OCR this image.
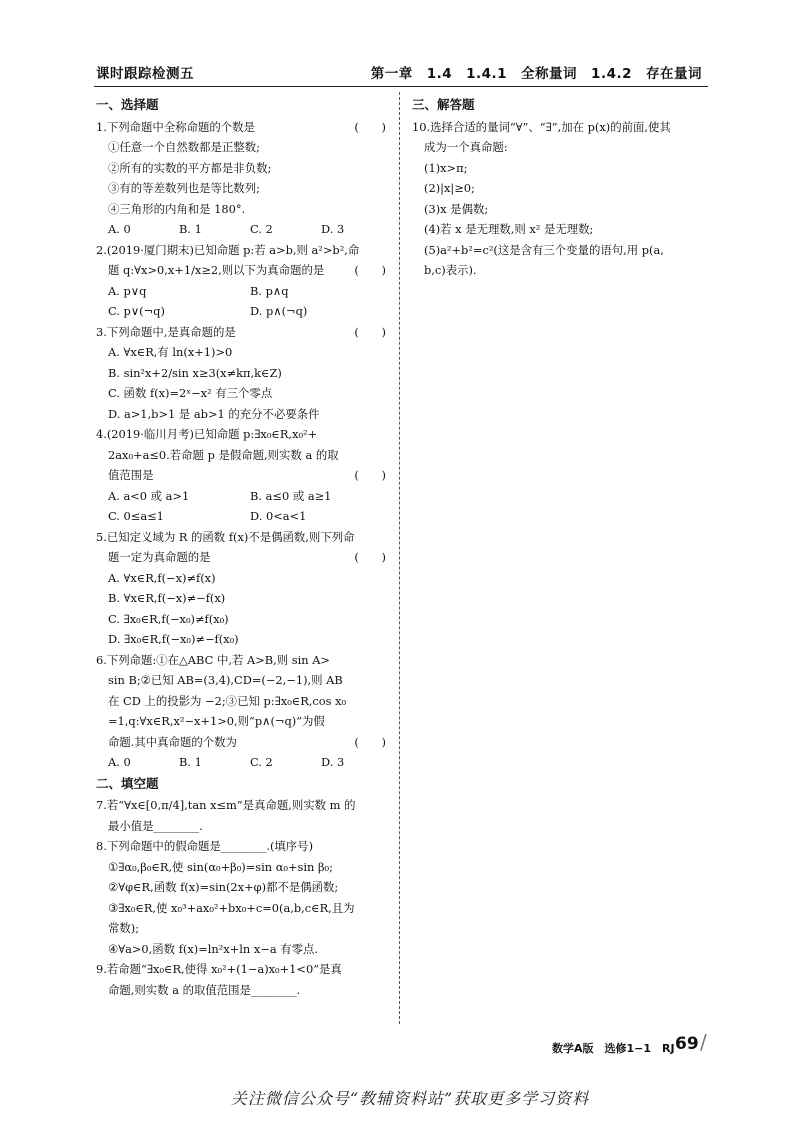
课时跟踪检测五	第一章　1.4　1.4.1　全称量词　1.4.2　存在量词
一、选择题
1.下列命题中全称命题的个数是	(　　)
①任意一个自然数都是正整数;
②所有的实数的平方都是非负数;
③有的等差数列也是等比数列;
④三角形的内角和是 180°.
A. 0	B. 1	C. 2	D. 3
2.(2019·厦门期末)已知命题 p:若 a>b,则 a²>b²,命
题 q:∀x>0,x+1/x≥2,则以下为真命题的是	(　　)
A. p∨q	B. p∧q
C. p∨(¬q)	D. p∧(¬q)
3.下列命题中,是真命题的是	(　　)
A. ∀x∈R,有 ln(x+1)>0
B. sin²x+2/sin x≥3(x≠kπ,k∈Z)
C. 函数 f(x)=2ˣ−x² 有三个零点
D. a>1,b>1 是 ab>1 的充分不必要条件
4.(2019·临川月考)已知命题 p:∃x₀∈R,x₀²+
2ax₀+a≤0.若命题 p 是假命题,则实数 a 的取
值范围是	(　　)
A. a<0 或 a>1	B. a≤0 或 a≥1
C. 0≤a≤1	D. 0<a<1
5.已知定义域为 R 的函数 f(x)不是偶函数,则下列命
题一定为真命题的是	(　　)
A. ∀x∈R,f(−x)≠f(x)
B. ∀x∈R,f(−x)≠−f(x)
C. ∃x₀∈R,f(−x₀)≠f(x₀)
D. ∃x₀∈R,f(−x₀)≠−f(x₀)
6.下列命题:①在△ABC 中,若 A>B,则 sin A>
sin B;②已知 AB=(3,4),CD=(−2,−1),则 AB
在 CD 上的投影为 −2;③已知 p:∃x₀∈R,cos x₀
=1,q:∀x∈R,x²−x+1>0,则“p∧(¬q)”为假
命题.其中真命题的个数为	(　　)
A. 0	B. 1	C. 2	D. 3
二、填空题
7.若“∀x∈[0,π/4],tan x≤m”是真命题,则实数 m 的
最小值是________.
8.下列命题中的假命题是________.(填序号)
①∃α₀,β₀∈R,使 sin(α₀+β₀)=sin α₀+sin β₀;
②∀φ∈R,函数 f(x)=sin(2x+φ)都不是偶函数;
③∃x₀∈R,使 x₀³+ax₀²+bx₀+c=0(a,b,c∈R,且为
常数);
④∀a>0,函数 f(x)=ln²x+ln x−a 有零点.
9.若命题“∃x₀∈R,使得 x₀²+(1−a)x₀+1<0”是真
命题,则实数 a 的取值范围是________.
三、解答题
10.选择合适的量词“∀”、“∃”,加在 p(x)的前面,使其
成为一个真命题:
(1)x>π;
(2)|x|≥0;
(3)x 是偶数;
(4)若 x 是无理数,则 x² 是无理数;
(5)a²+b²=c²(这是含有三个变量的语句,用 p(a,
b,c)表示).
数学A版　选修1−1　RJ 69 /
关注微信公众号“教辅资料站”获取更多学习资料
